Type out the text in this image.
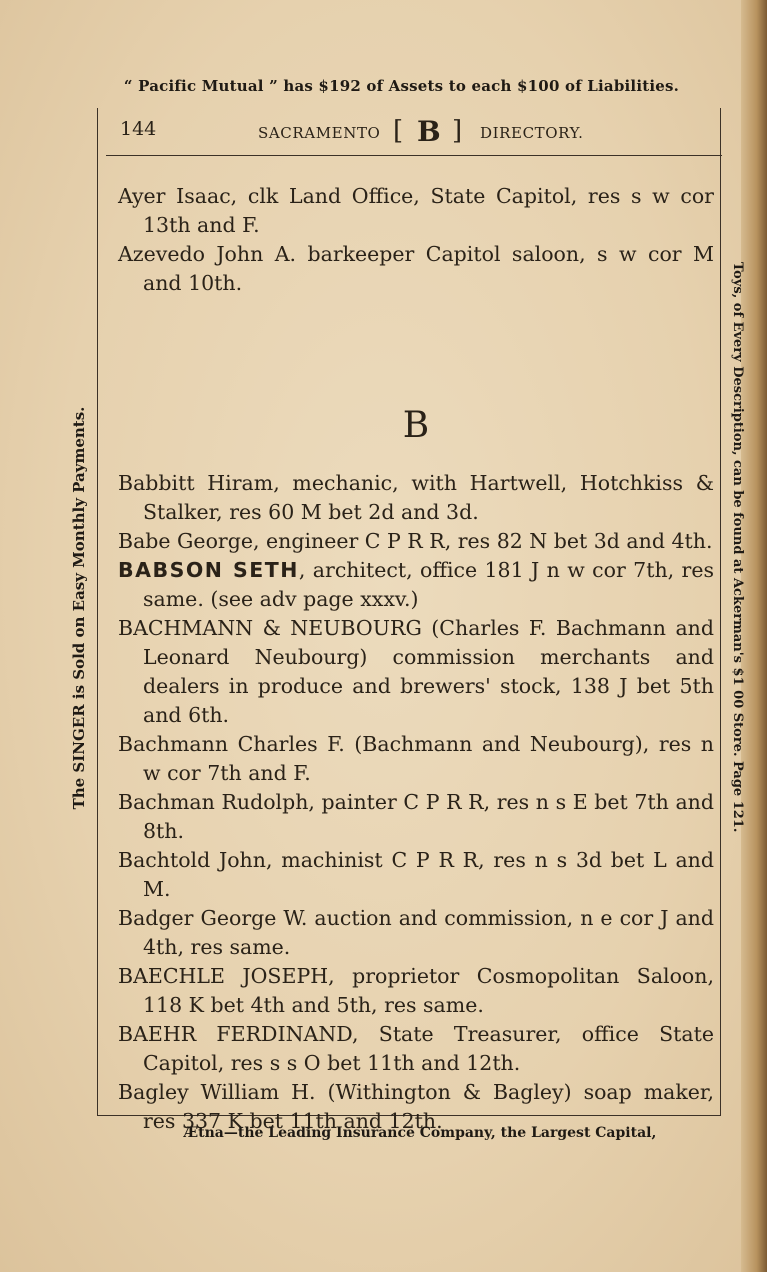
“ Pacific Mutual ” has $192 of Assets to each $100 of Liabilities.
The SINGER is Sold on Easy Monthly Payments.	Toys, of Every Description, can be found at Ackerman's $1 00 Store. Page 121.
144	SACRAMENTO [ B ] DIRECTORY.

Ayer Isaac, clk Land Office, State Capitol, res s w cor 13th and F.

Azevedo John A. barkeeper Capitol saloon, s w cor M and 10th.

B

Babbitt Hiram, mechanic, with Hartwell, Hotchkiss & Stalker, res 60 M bet 2d and 3d.

Babe George, engineer C P R R, res 82 N bet 3d and 4th.

BABSON SETH, architect, office 181 J n w cor 7th, res same. (see adv page xxxv.)

BACHMANN & NEUBOURG (Charles F. Bachmann and Leonard Neubourg) commission merchants and dealers in produce and brewers' stock, 138 J bet 5th and 6th.

Bachmann Charles F. (Bachmann and Neubourg), res n w cor 7th and F.

Bachman Rudolph, painter C P R R, res n s E bet 7th and 8th.

Bachtold John, machinist C P R R, res n s 3d bet L and M.

Badger George W. auction and commission, n e cor J and 4th, res same.

BAECHLE JOSEPH, proprietor Cosmopolitan Saloon, 118 K bet 4th and 5th, res same.

BAEHR FERDINAND, State Treasurer, office State Capitol, res s s O bet 11th and 12th.

Bagley William H. (Withington & Bagley) soap maker, res 337 K bet 11th and 12th.

Ætna—the Leading Insurance Company, the Largest Capital,
